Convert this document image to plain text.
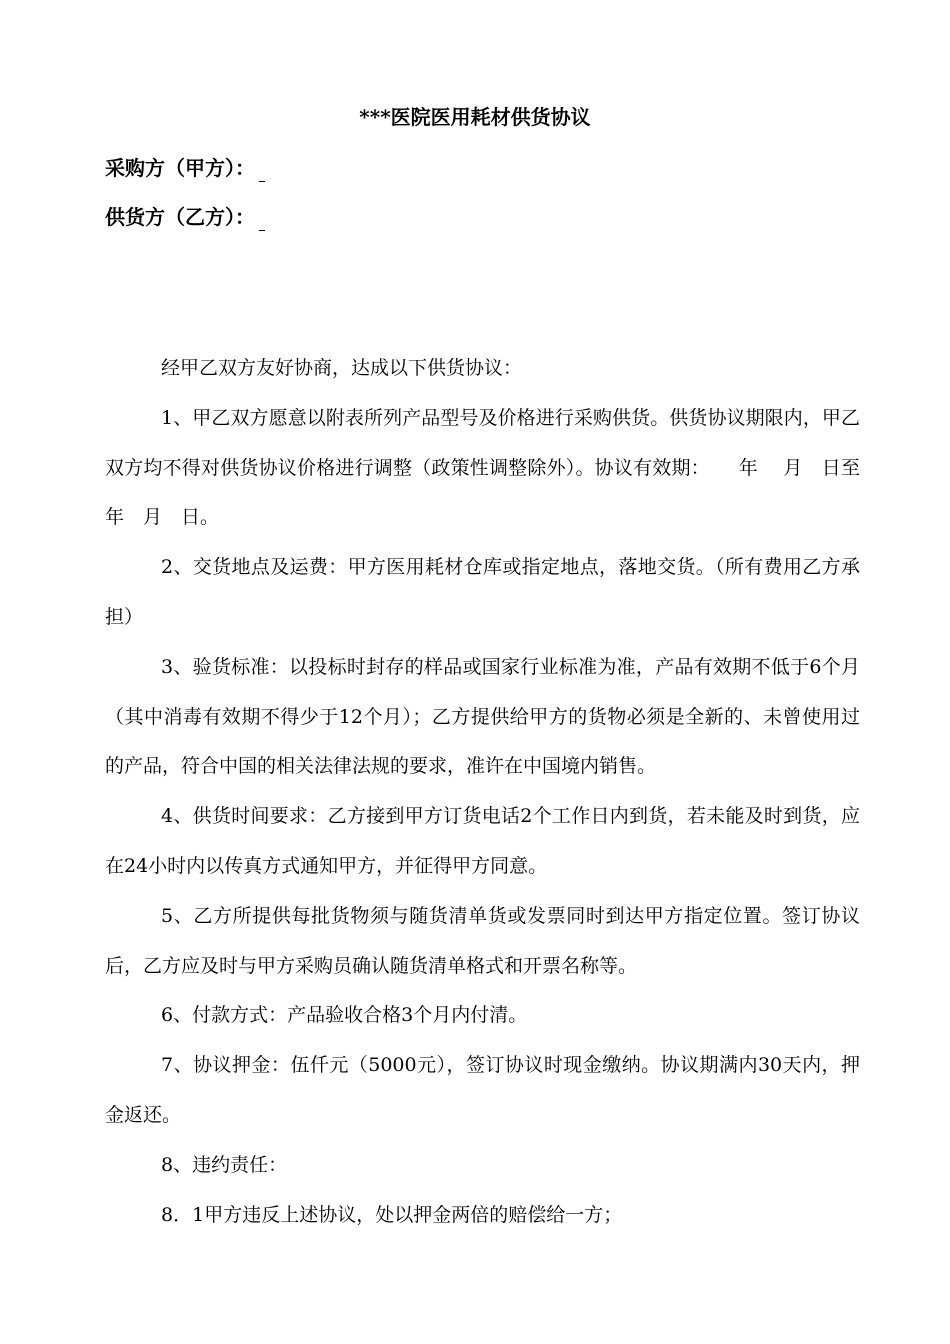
***医院医用耗材供货协议
采购方（甲方）：
供货方（乙方）：

经甲乙双方友好协商，达成以下供货协议：

1、甲乙双方愿意以附表所列产品型号及价格进行采购供货。供货协议期限内，甲乙双方均不得对供货协议价格进行调整（政策性调整除外）。协议有效期：　　年　 月　日至　　年　月　日。

2、交货地点及运费：甲方医用耗材仓库或指定地点，落地交货。（所有费用乙方承担）

3、验货标准：以投标时封存的样品或国家行业标准为准，产品有效期不低于6个月（其中消毒有效期不得少于12个月）；乙方提供给甲方的货物必须是全新的、未曾使用过的产品，符合中国的相关法律法规的要求，准许在中国境内销售。

4、供货时间要求：乙方接到甲方订货电话2个工作日内到货，若未能及时到货，应在24小时内以传真方式通知甲方，并征得甲方同意。

5、乙方所提供每批货物须与随货清单货或发票同时到达甲方指定位置。签订协议后，乙方应及时与甲方采购员确认随货清单格式和开票名称等。

6、付款方式：产品验收合格3个月内付清。

7、协议押金：伍仟元（5000元），签订协议时现金缴纳。协议期满内30天内，押金返还。

8、违约责任：

8．1甲方违反上述协议，处以押金两倍的赔偿给一方；
